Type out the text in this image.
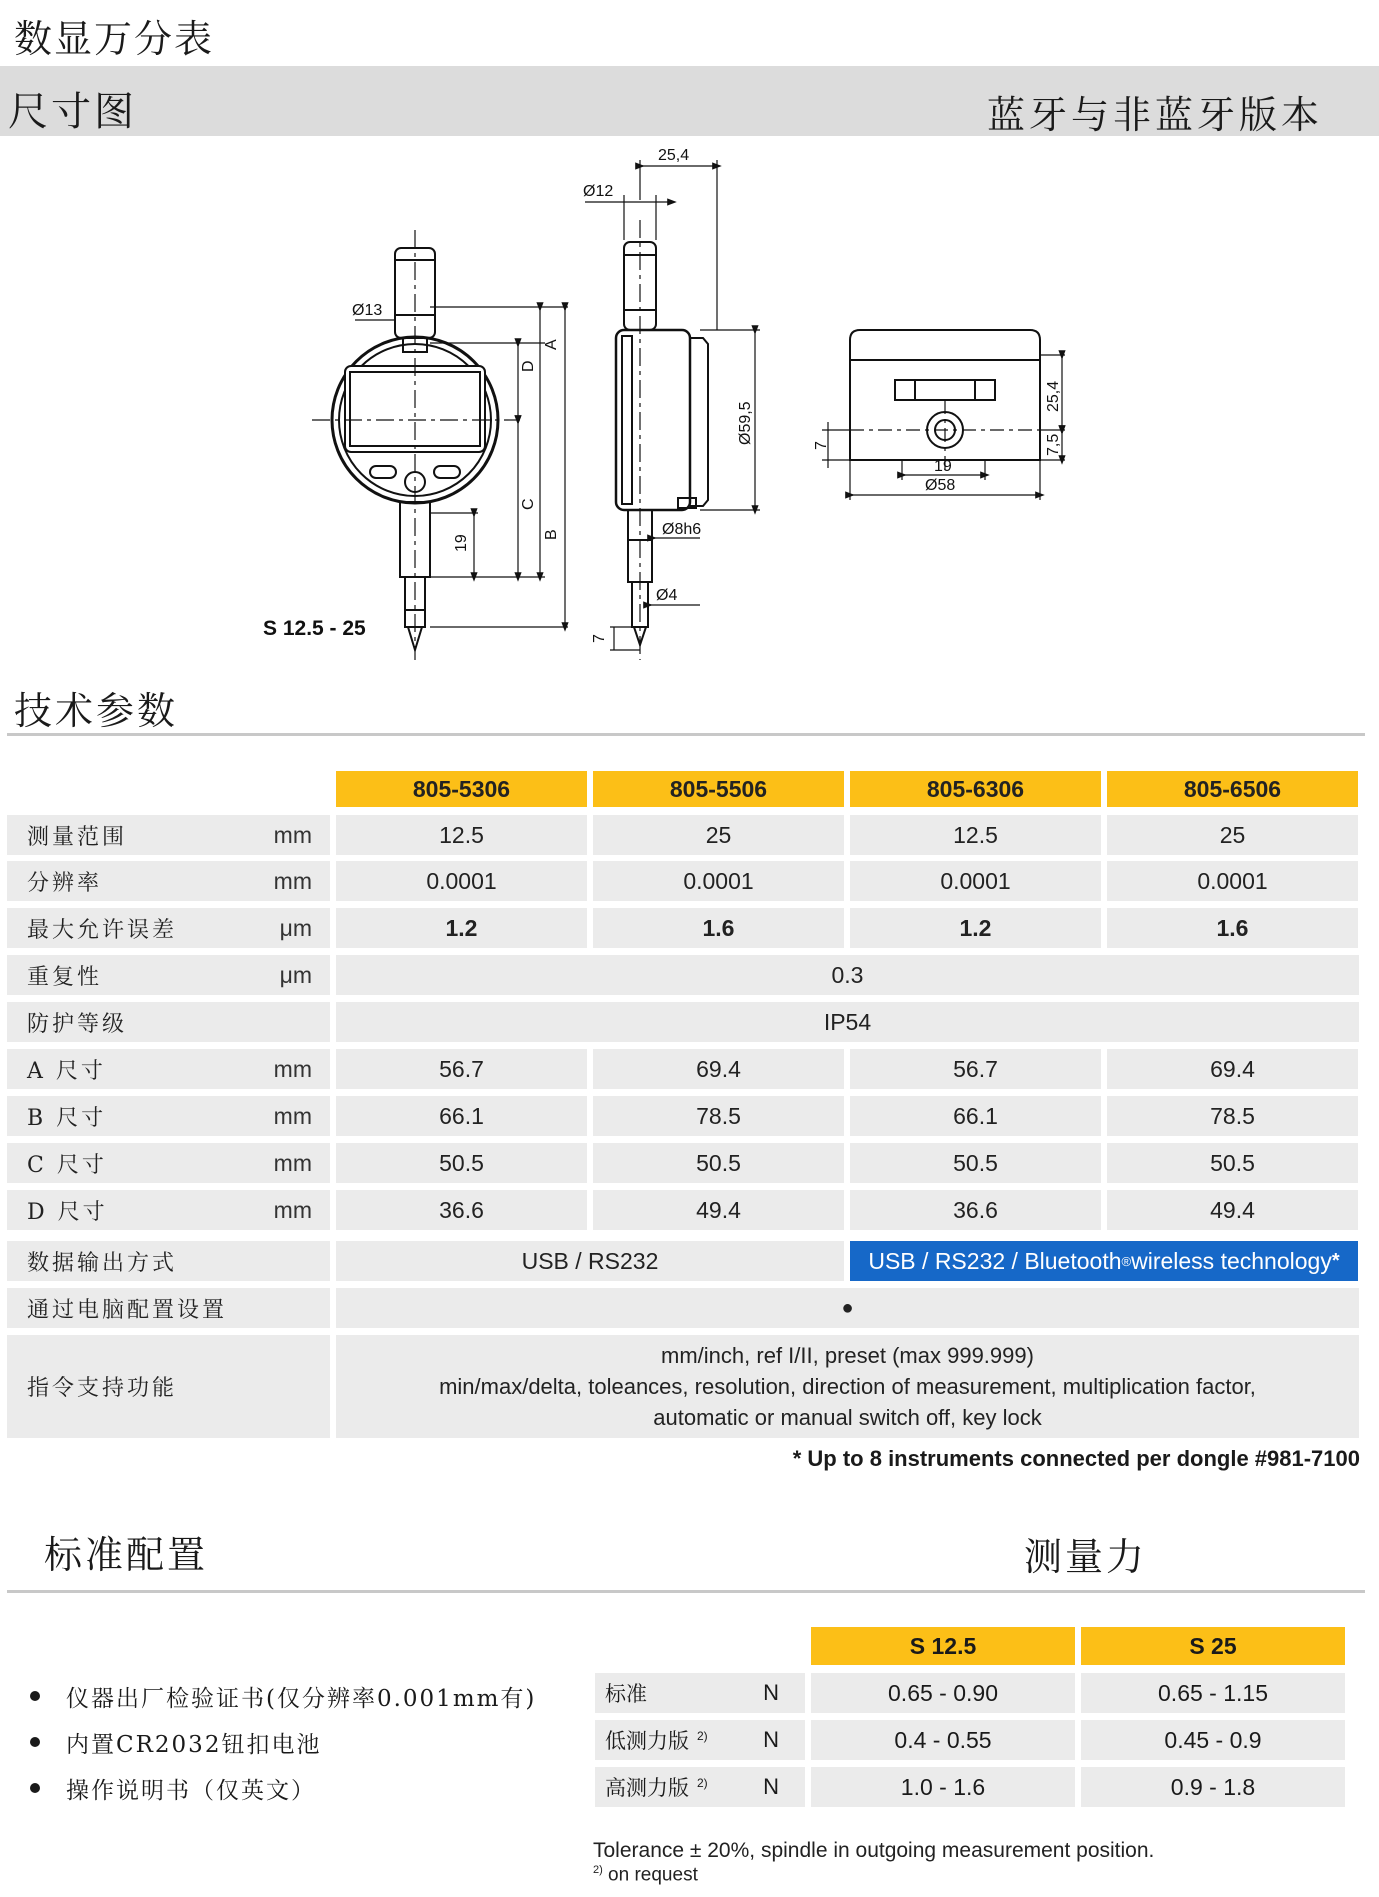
数显万分表
尺寸图	蓝牙与非蓝牙版本
Ø13
D
A
C
B
19
S 12.5 - 25
25,4
Ø12
Ø59,5
Ø8h6
Ø4
7
25,4
7,5
19
Ø58
7
技术参数
805-5306	805-5506	805-6306	805-6506
测量范围	mm	12.5	25	12.5	25
分辨率	mm	0.0001	0.0001	0.0001	0.0001
最大允许误差	μm	1.2	1.6	1.2	1.6
重复性	μm	0.3
防护等级	IP54
A 尺寸	mm	56.7	69.4	56.7	69.4
B 尺寸	mm	66.1	78.5	66.1	78.5
C 尺寸	mm	50.5	50.5	50.5	50.5
D 尺寸	mm	36.6	49.4	36.6	49.4
数据输出方式	USB / RS232	USB / RS232 / Bluetooth ® wireless technology *
通过电脑配置设置	●
指令支持功能
mm/inch, ref I/II, preset (max 999.999)
min/max/delta, toleances, resolution, direction of measurement, multiplication factor,
automatic or manual switch off, key lock
* Up to 8 instruments connected per dongle #981-7100
标准配置	测量力
仪器出厂检验证书(仅分辨率0.001mm有)
内置CR2032钮扣电池
操作说明书（仅英文）
S 12.5	S 25
标准	N	0.65 - 0.90	0.65 - 1.15
低测力版 $^{2)}$	N	0.4 - 0.55	0.45 - 0.9
高测力版 $^{2)}$	N	1.0 - 1.6	0.9 - 1.8
Tolerance ± 20%, spindle in outgoing measurement position.
$^{2)}$ on request
